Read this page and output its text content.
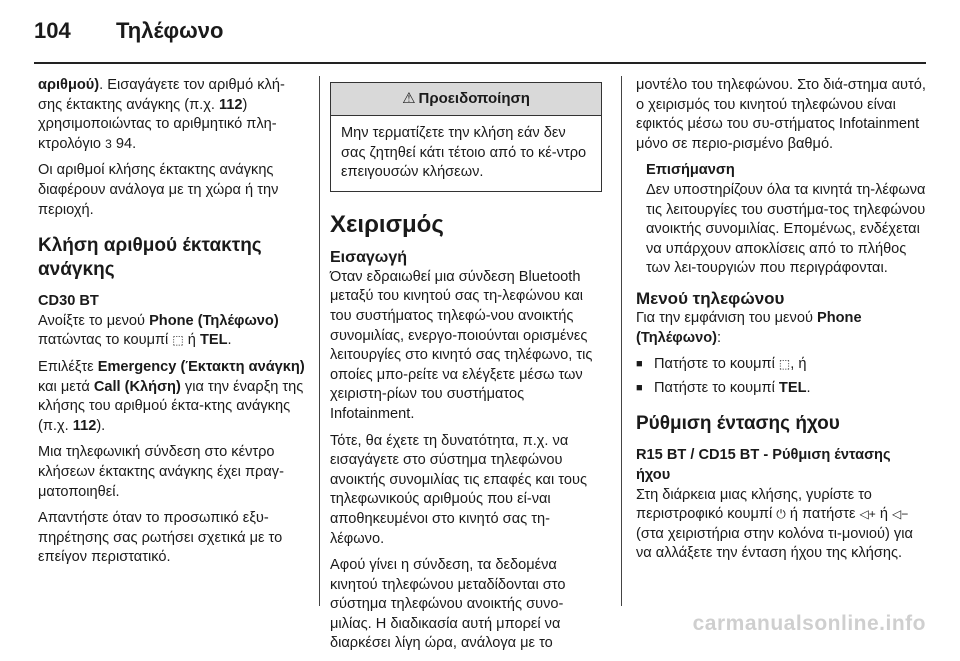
104 Τηλέφωνο

αριθμού). Εισαγάγετε τον αριθμό κλή-σης έκτακτης ανάγκης (π.χ. 112) χρησιμοποιώντας το αριθμητικό πλη-κτρολόγιο 3 94.

Οι αριθμοί κλήσης έκτακτης ανάγκης διαφέρουν ανάλογα με τη χώρα ή την περιοχή.

Κλήση αριθμού έκτακτης ανάγκης
CD30 BT

Ανοίξτε το μενού Phone (Τηλέφωνο) πατώντας το κουμπί ⬚ ή TEL.

Επιλέξτε Emergency (Έκτακτη ανάγκη) και μετά Call (Κλήση) για την έναρξη της κλήσης του αριθμού έκτα-κτης ανάγκης (π.χ. 112).

Μια τηλεφωνική σύνδεση στο κέντρο κλήσεων έκτακτης ανάγκης έχει πραγ-ματοποιηθεί.

Απαντήστε όταν το προσωπικό εξυ-πηρέτησης σας ρωτήσει σχετικά με το επείγον περιστατικό.

⚠ Προειδοποίηση
Μην τερματίζετε την κλήση εάν δεν σας ζητηθεί κάτι τέτοιο από το κέ-ντρο επειγουσών κλήσεων.
Χειρισμός
Εισαγωγή

Όταν εδραιωθεί μια σύνδεση Bluetooth μεταξύ του κινητού σας τη-λεφώνου και του συστήματος τηλεφώ-νου ανοικτής συνομιλίας, ενεργο-ποιούνται ορισμένες λειτουργίες στο κινητό σας τηλέφωνο, τις οποίες μπο-ρείτε να ελέγξετε μέσω των χειριστη-ρίων του συστήματος Infotainment.

Τότε, θα έχετε τη δυνατότητα, π.χ. να εισαγάγετε στο σύστημα τηλεφώνου ανοικτής συνομιλίας τις επαφές και τους τηλεφωνικούς αριθμούς που εί-ναι αποθηκευμένοι στο κινητό σας τη-λέφωνο.

Αφού γίνει η σύνδεση, τα δεδομένα κινητού τηλεφώνου μεταδίδονται στο σύστημα τηλεφώνου ανοικτής συνο-μιλίας. Η διαδικασία αυτή μπορεί να διαρκέσει λίγη ώρα, ανάλογα με το

μοντέλο του τηλεφώνου. Στο διά-στημα αυτό, ο χειρισμός του κινητού τηλεφώνου είναι εφικτός μέσω του συ-στήματος Infotainment μόνο σε περιο-ρισμένο βαθμό.

Επισήμανση

Δεν υποστηρίζουν όλα τα κινητά τη-λέφωνα τις λειτουργίες του συστήμα-τος τηλεφώνου ανοικτής συνομιλίας. Επομένως, ενδέχεται να υπάρχουν αποκλίσεις από το πλήθος των λει-τουργιών που περιγράφονται.

Μενού τηλεφώνου

Για την εμφάνιση του μενού Phone (Τηλέφωνο):

■ Πατήστε το κουμπί ⬚, ή
■ Πατήστε το κουμπί TEL.
Ρύθμιση έντασης ήχου
R15 BT / CD15 BT - Ρύθμιση έντασης ήχου

Στη διάρκεια μιας κλήσης, γυρίστε το περιστροφικό κουμπί ⏻ ή πατήστε ◁+ ή ◁− (στα χειριστήρια στην κολόνα τι-μονιού) για να αλλάξετε την ένταση ήχου της κλήσης.

carmanualsonline.info
